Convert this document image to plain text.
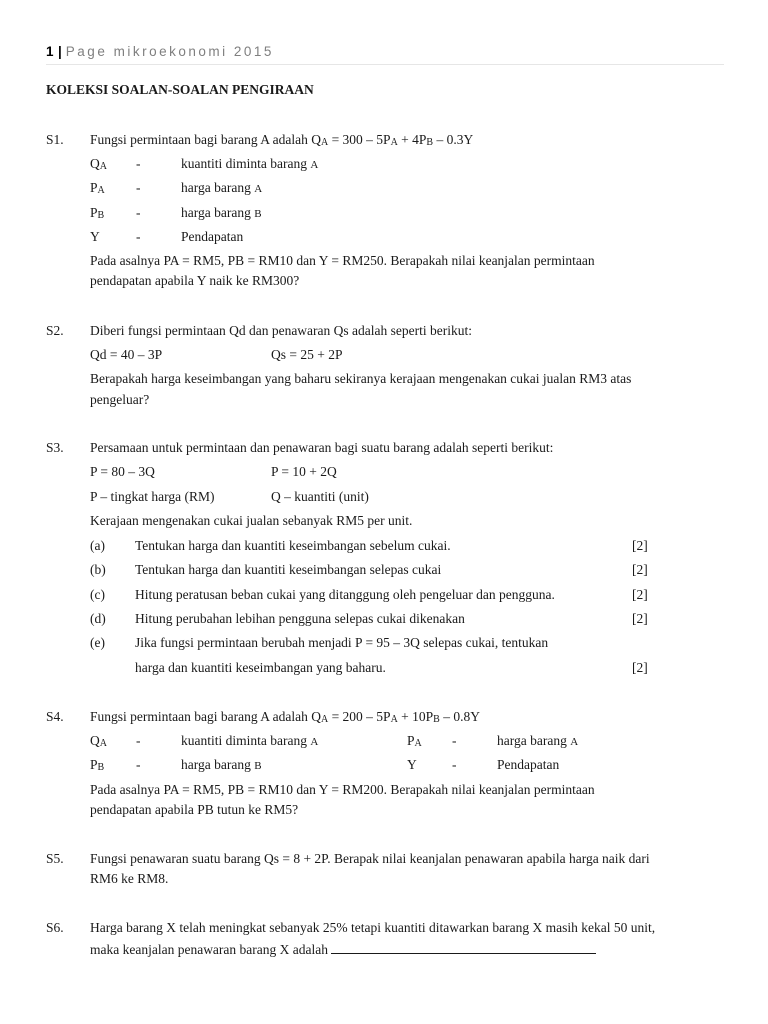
1 | Page mikroekonomi 2015
KOLEKSI SOALAN-SOALAN PENGIRAAN
S1. Fungsi permintaan bagi barang A adalah $Q_A = 300 - 5P_A + 4P_B - 0.3Y$
$Q_A$ -	kuantiti diminta barang A
$P_A$ -	harga barang A
$P_B$ -	harga barang B
Y	-	Pendapatan
Pada asalnya PA = RM5, PB = RM10 dan Y = RM250. Berapakah nilai keanjalan permintaan
pendapatan apabila Y naik ke RM300?
S2. Diberi fungsi permintaan Qd dan penawaran Qs adalah seperti berikut:
Qd = 40 – 3P	Qs = 25 + 2P
Berapakah harga keseimbangan yang baharu sekiranya kerajaan mengenakan cukai jualan RM3 atas
pengeluar?
S3. Persamaan untuk permintaan dan penawaran bagi suatu barang adalah seperti berikut:
P = 80 – 3Q	P = 10 + 2Q
P – tingkat harga (RM)	Q – kuantiti (unit)
Kerajaan mengenakan cukai jualan sebanyak RM5 per unit.
(a) Tentukan harga dan kuantiti keseimbangan sebelum cukai.	[2]
(b) Tentukan harga dan kuantiti keseimbangan selepas cukai	[2]
(c) Hitung peratusan beban cukai yang ditanggung oleh pengeluar dan pengguna.	[2]
(d) Hitung perubahan lebihan pengguna selepas cukai dikenakan	[2]
(e) Jika fungsi permintaan berubah menjadi P = 95 – 3Q selepas cukai, tentukan
harga dan kuantiti keseimbangan yang baharu.	[2]
S4. Fungsi permintaan bagi barang A adalah $Q_A = 200 - 5P_A + 10P_B - 0.8Y$
$Q_A$ -	kuantiti diminta barang A	$P_A$ -	harga barang A
$P_B$ -	harga barang B	Y	-	Pendapatan
Pada asalnya PA = RM5, PB = RM10 dan Y = RM200. Berapakah nilai keanjalan permintaan
pendapatan apabila PB tutun ke RM5?
S5. Fungsi penawaran suatu barang Qs = 8 + 2P. Berapak nilai keanjalan penawaran apabila harga naik dari
RM6 ke RM8.
S6. Harga barang X telah meningkat sebanyak 25% tetapi kuantiti ditawarkan barang X masih kekal 50 unit,
maka keanjalan penawaran barang X adalah
